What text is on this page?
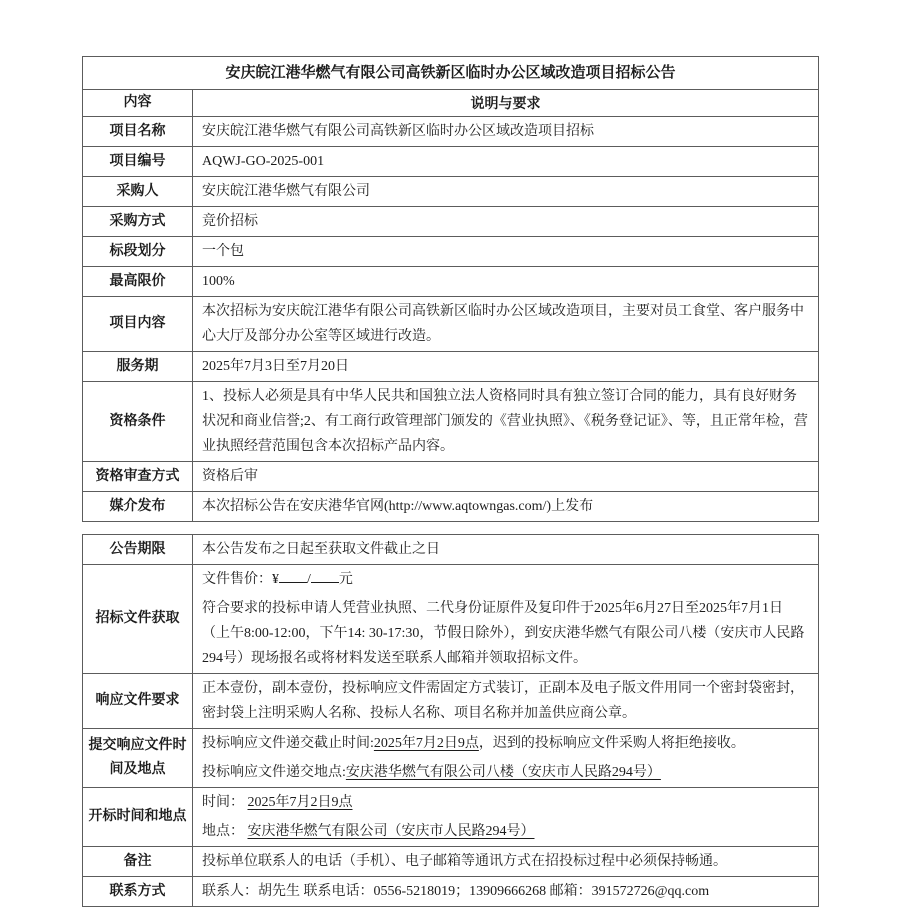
安庆皖江港华燃气有限公司高铁新区临时办公区域改造项目招标公告	
内容	说明与要求
项目名称	安庆皖江港华燃气有限公司高铁新区临时办公区域改造项目招标

项目编号	AQWJ-GO-2025-001

采购人	安庆皖江港华燃气有限公司

采购方式	竞价招标

标段划分	一个包

最高限价	100%

项目内容	本次招标为安庆皖江港华有限公司高铁新区临时办公区域改造项目，主要对员工食堂、客户服务中心大厅及部分办公室等区域进行改造。

服务期	2025年7月3日至7月20日

资格条件	1、投标人必须是具有中华人民共和国独立法人资格同时具有独立签订合同的能力，具有良好财务状况和商业信誉;2、有工商行政管理部门颁发的《营业执照》、《税务登记证》、等，且正常年检，营业执照经营范围包含本次招标产品内容。

资格审查方式	资格后审

媒介发布	本次招标公告在安庆港华官网(http://www.aqtowngas.com/)上发布
公告期限	本公告发布之日起至获取文件截止之日

招标文件获取	文件售价：¥ / 元
符合要求的投标申请人凭营业执照、二代身份证原件及复印件于2025年6月27日至2025年7月1日（上午8:00-12:00，下午14: 30-17:30，节假日除外），到安庆港华燃气有限公司八楼（安庆市人民路294号）现场报名或将材料发送至联系人邮箱并领取招标文件。

响应文件要求	正本壹份，副本壹份，投标响应文件需固定方式装订，正副本及电子版文件用同一个密封袋密封，密封袋上注明采购人名称、投标人名称、项目名称并加盖供应商公章。

提交响应文件时间及地点	投标响应文件递交截止时间:2025年7月2日9点，迟到的投标响应文件采购人将拒绝接收。
投标响应文件递交地点:安庆港华燃气有限公司八楼（安庆市人民路294号）

开标时间和地点	时间： 2025年7月2日9点
地点： 安庆港华燃气有限公司（安庆市人民路294号）

备注	投标单位联系人的电话（手机）、电子邮箱等通讯方式在招投标过程中必须保持畅通。

联系方式	联系人：胡先生 联系电话：0556-5218019；13909666268 邮箱：391572726@qq.com
